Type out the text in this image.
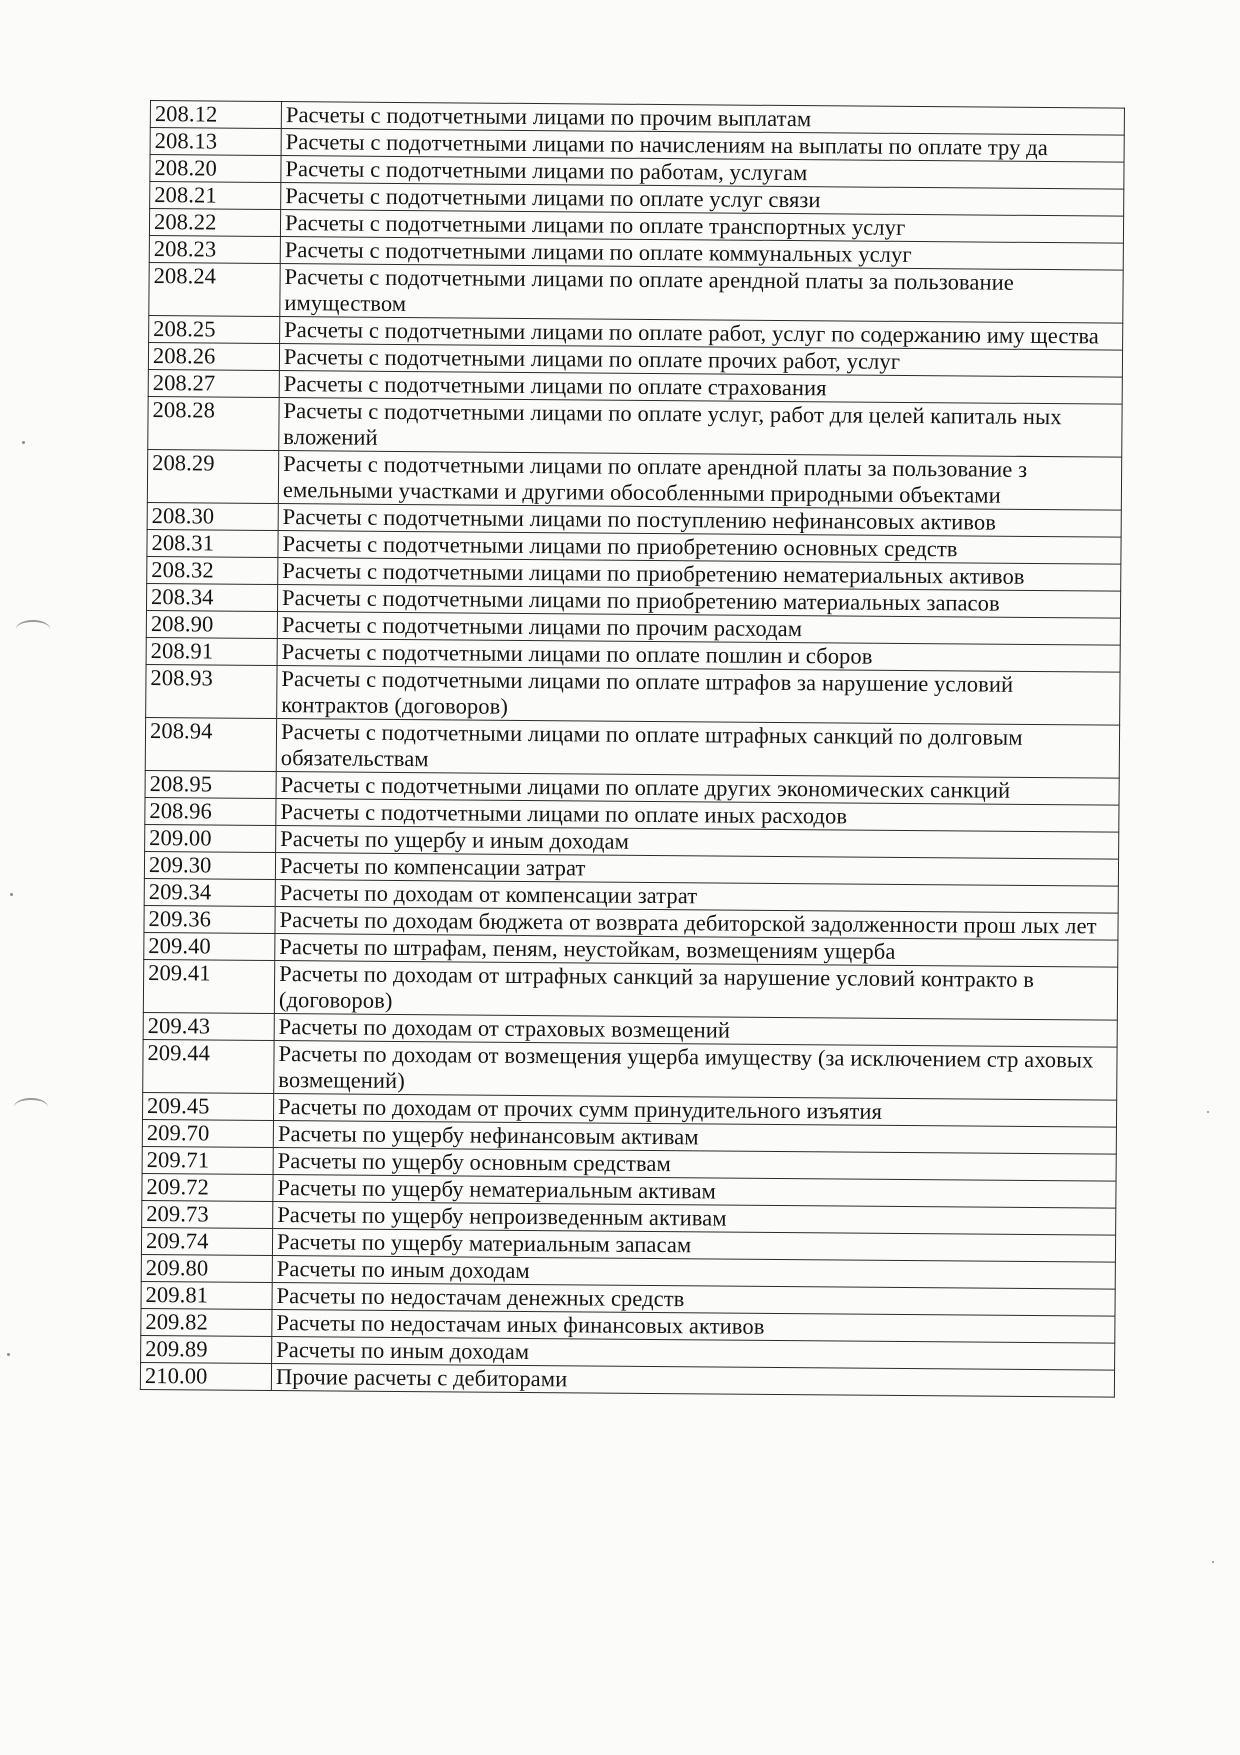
208.12	Расчеты с подотчетными лицами по прочим выплатам
208.13	Расчеты с подотчетными лицами по начислениям на выплаты по оплате тру да
208.20	Расчеты с подотчетными лицами по работам, услугам
208.21	Расчеты с подотчетными лицами по оплате услуг связи
208.22	Расчеты с подотчетными лицами по оплате транспортных услуг
208.23	Расчеты с подотчетными лицами по оплате коммунальных услуг
208.24	Расчеты с подотчетными лицами по оплате арендной платы за пользование имуществом
208.25	Расчеты с подотчетными лицами по оплате работ, услуг по содержанию иму щества
208.26	Расчеты с подотчетными лицами по оплате прочих работ, услуг
208.27	Расчеты с подотчетными лицами по оплате страхования
208.28	Расчеты с подотчетными лицами по оплате услуг, работ для целей капиталь ных вложений
208.29	Расчеты с подотчетными лицами по оплате арендной платы за пользование з емельными участками и другими обособленными природными объектами
208.30	Расчеты с подотчетными лицами по поступлению нефинансовых активов
208.31	Расчеты с подотчетными лицами по приобретению основных средств
208.32	Расчеты с подотчетными лицами по приобретению нематериальных активов
208.34	Расчеты с подотчетными лицами по приобретению материальных запасов
208.90	Расчеты с подотчетными лицами по прочим расходам
208.91	Расчеты с подотчетными лицами по оплате пошлин и сборов
208.93	Расчеты с подотчетными лицами по оплате штрафов за нарушение условий контрактов (договоров)
208.94	Расчеты с подотчетными лицами по оплате штрафных санкций по долговым обязательствам
208.95	Расчеты с подотчетными лицами по оплате других экономических санкций
208.96	Расчеты с подотчетными лицами по оплате иных расходов
209.00	Расчеты по ущербу и иным доходам
209.30	Расчеты по компенсации затрат
209.34	Расчеты по доходам от компенсации затрат
209.36	Расчеты по доходам бюджета от возврата дебиторской задолженности прош лых лет
209.40	Расчеты по штрафам, пеням, неустойкам, возмещениям ущерба
209.41	Расчеты по доходам от штрафных санкций за нарушение условий контракто в (договоров)
209.43	Расчеты по доходам от страховых возмещений
209.44	Расчеты по доходам от возмещения ущерба имуществу (за исключением стр аховых возмещений)
209.45	Расчеты по доходам от прочих сумм принудительного изъятия
209.70	Расчеты по ущербу нефинансовым активам
209.71	Расчеты по ущербу основным средствам
209.72	Расчеты по ущербу нематериальным активам
209.73	Расчеты по ущербу непроизведенным активам
209.74	Расчеты по ущербу материальным запасам
209.80	Расчеты по иным доходам
209.81	Расчеты по недостачам денежных средств
209.82	Расчеты по недостачам иных финансовых активов
209.89	Расчеты по иным доходам
210.00	Прочие расчеты с дебиторами
